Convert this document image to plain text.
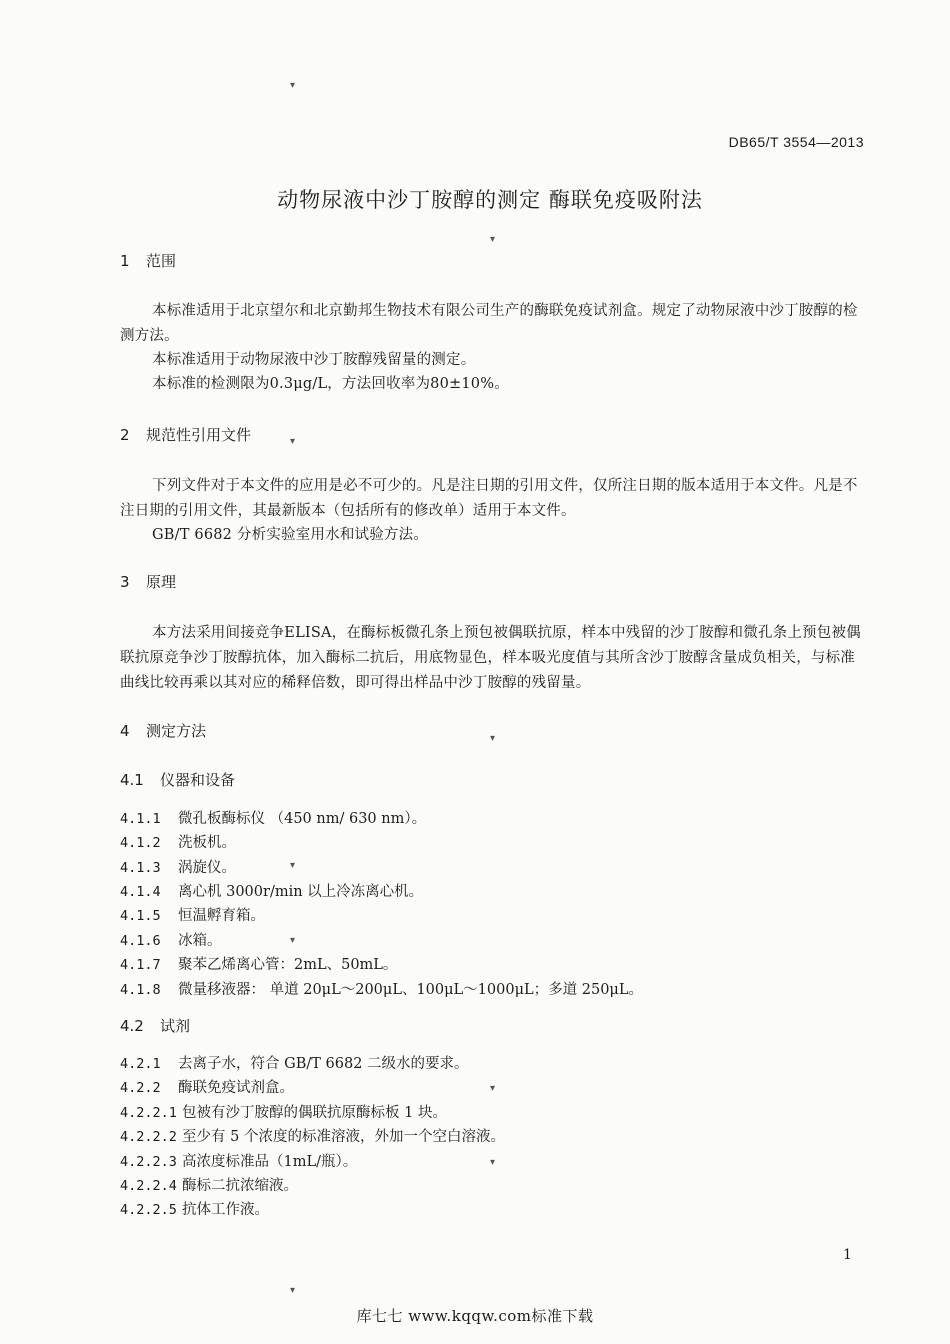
DB65/T 3554—2013
动物尿液中沙丁胺醇的测定 酶联免疫吸附法
1 范围
本标准适用于北京望尔和北京勤邦生物技术有限公司生产的酶联免疫试剂盒。规定了动物尿液中沙丁胺醇的检测方法。
本标准适用于动物尿液中沙丁胺醇残留量的测定。
本标准的检测限为0.3μg/L，方法回收率为80±10%。
2 规范性引用文件
下列文件对于本文件的应用是必不可少的。凡是注日期的引用文件，仅所注日期的版本适用于本文件。凡是不注日期的引用文件，其最新版本（包括所有的修改单）适用于本文件。
GB/T 6682 分析实验室用水和试验方法。
3 原理
本方法采用间接竞争ELISA，在酶标板微孔条上预包被偶联抗原，样本中残留的沙丁胺醇和微孔条上预包被偶联抗原竞争沙丁胺醇抗体，加入酶标二抗后，用底物显色，样本吸光度值与其所含沙丁胺醇含量成负相关，与标准曲线比较再乘以其对应的稀释倍数，即可得出样品中沙丁胺醇的残留量。
4 测定方法
4.1 仪器和设备
4.1.1 微孔板酶标仪 （450 nm/ 630 nm）。
4.1.2 洗板机。
4.1.3 涡旋仪。
4.1.4 离心机 3000r/min 以上冷冻离心机。
4.1.5 恒温孵育箱。
4.1.6 冰箱。
4.1.7 聚苯乙烯离心管：2mL、50mL。
4.1.8 微量移液器： 单道 20μL～200μL、100μL～1000μL；多道 250μL。
4.2 试剂
4.2.1 去离子水，符合 GB/T 6682 二级水的要求。
4.2.2 酶联免疫试剂盒。
4.2.2.1 包被有沙丁胺醇的偶联抗原酶标板 1 块。
4.2.2.2 至少有 5 个浓度的标准溶液，外加一个空白溶液。
4.2.2.3 高浓度标准品（1mL/瓶）。
4.2.2.4 酶标二抗浓缩液。
4.2.2.5 抗体工作液。
1
库七七 www.kqqw.com标准下载
▾
▾
▾
▾
▾
▾
▾
▾
▾
